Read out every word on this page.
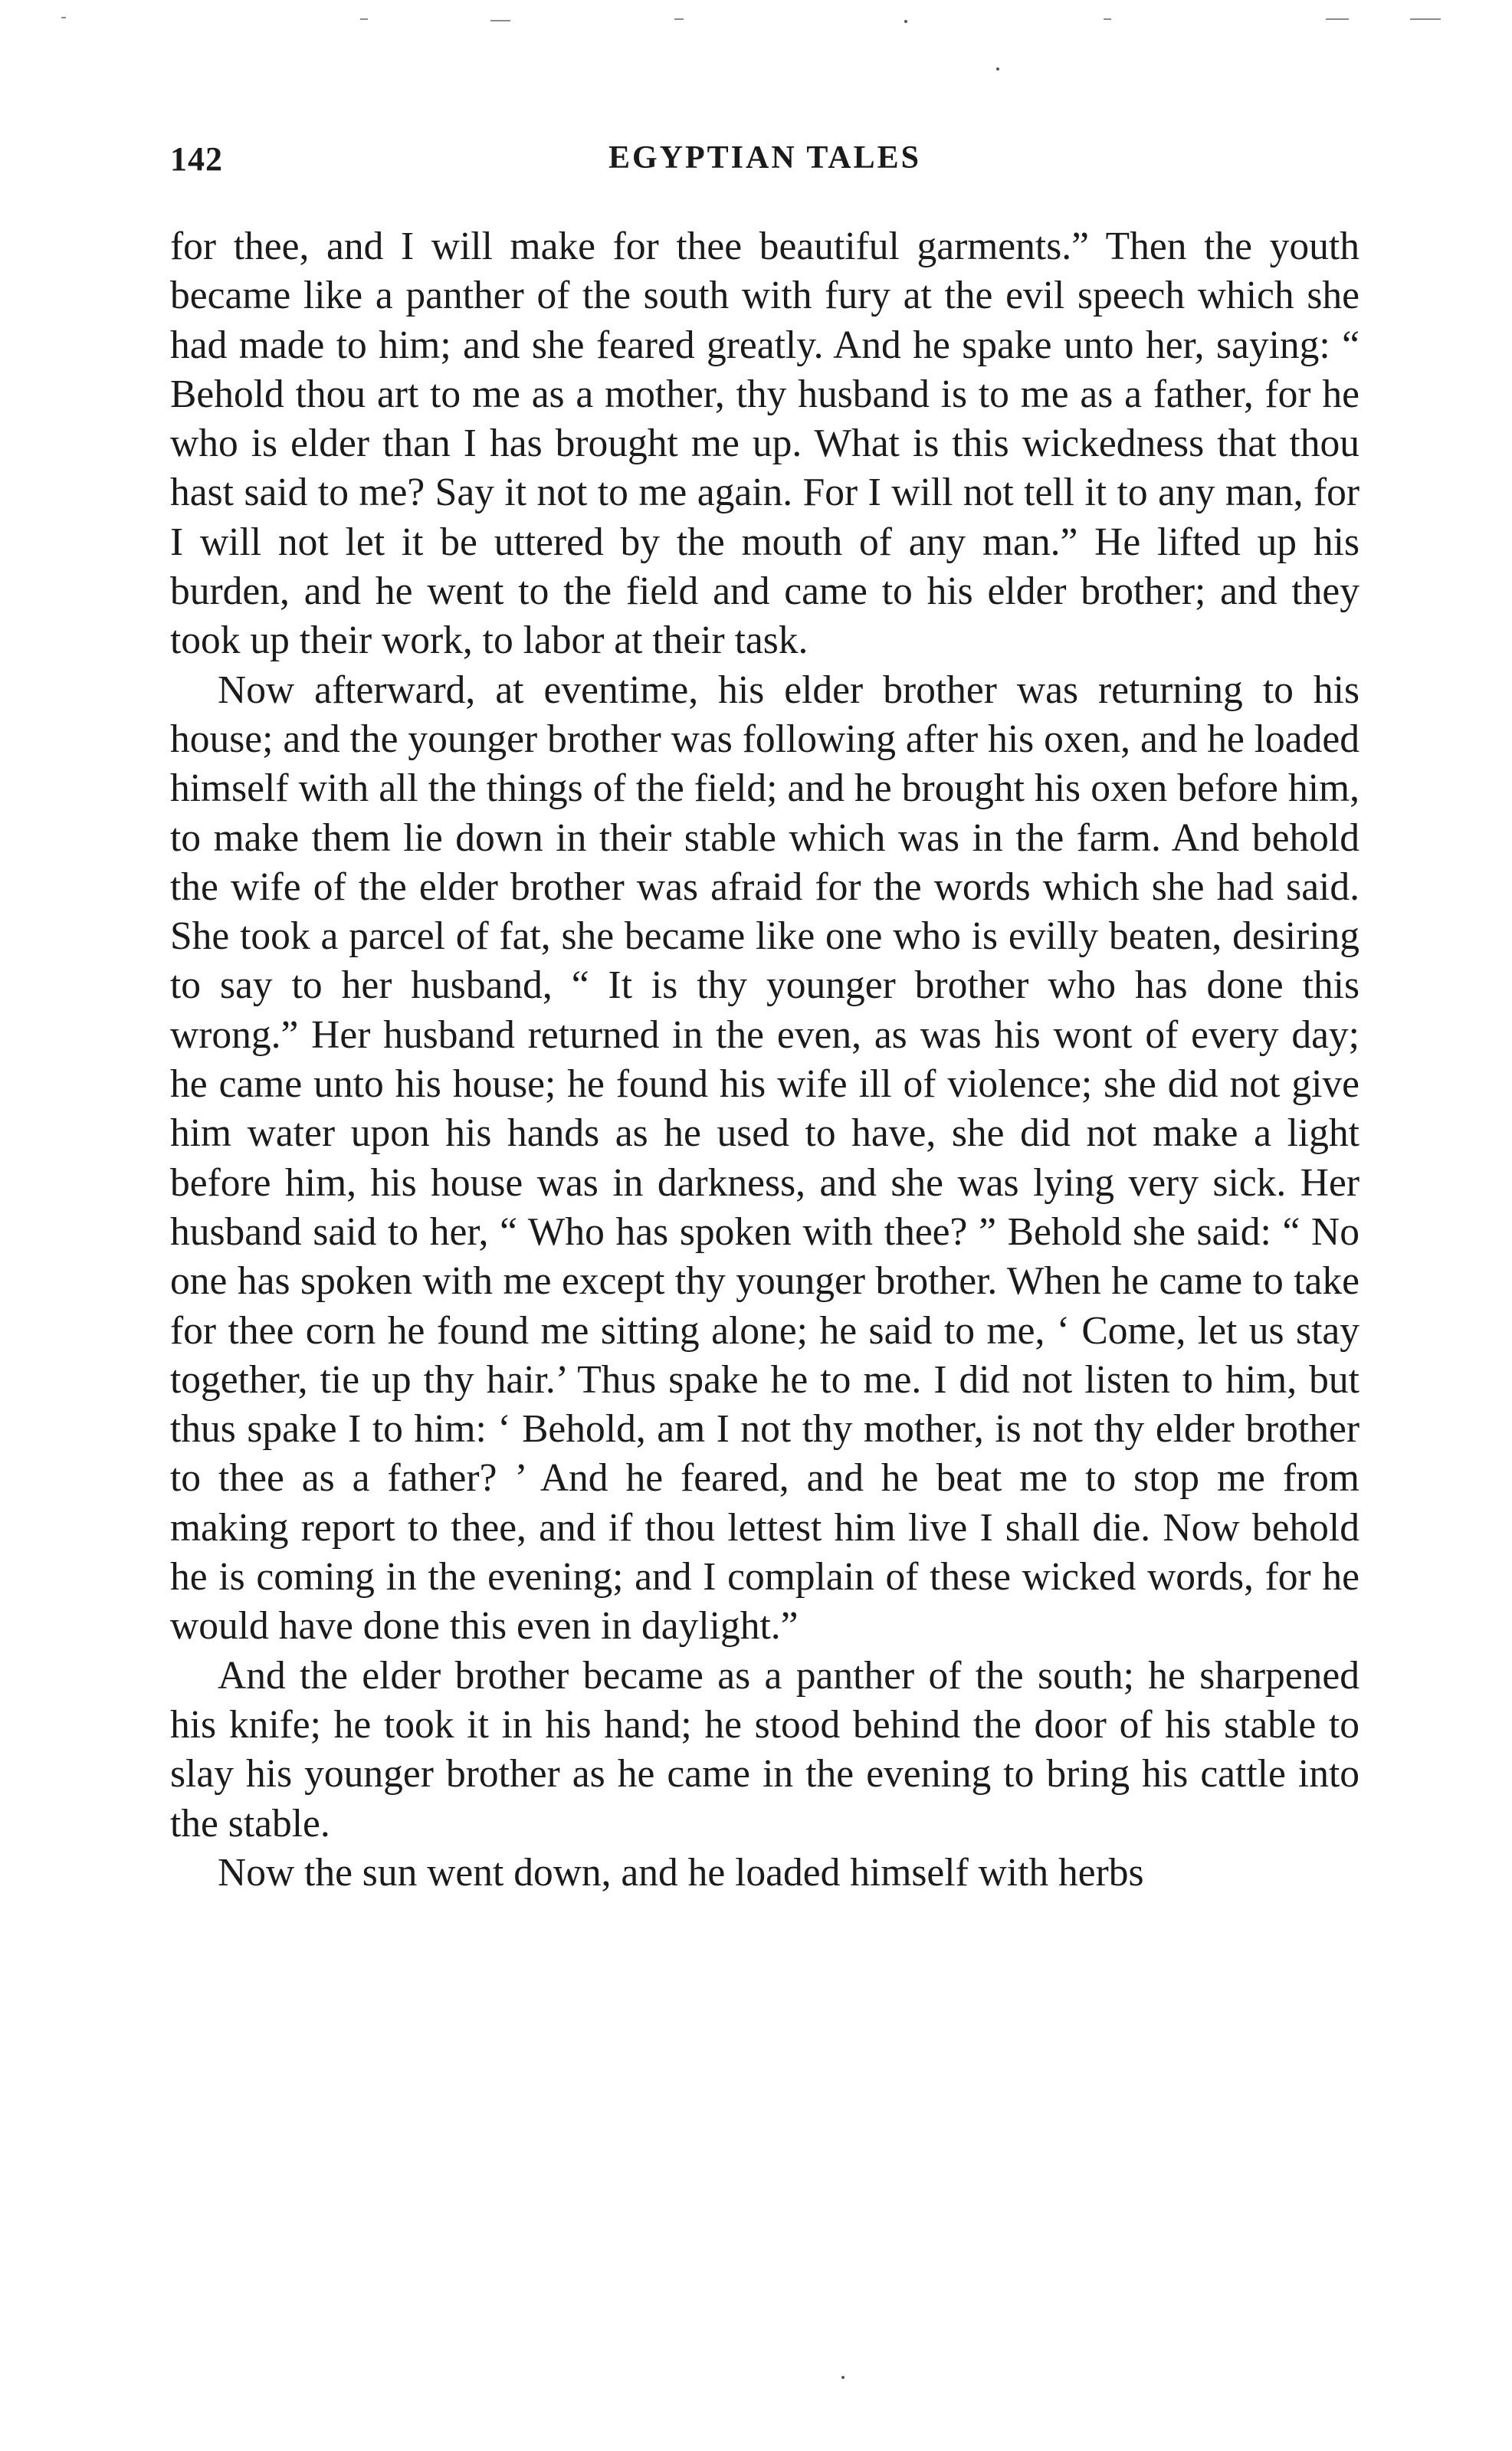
142	EGYPTIAN TALES

for thee, and I will make for thee beautiful garments.” Then the youth became like a panther of the south with fury at the evil speech which she had made to him; and she feared greatly. And he spake unto her, saying: “ Behold thou art to me as a mother, thy husband is to me as a father, for he who is elder than I has brought me up. What is this wickedness that thou hast said to me? Say it not to me again. For I will not tell it to any man, for I will not let it be uttered by the mouth of any man.” He lifted up his burden, and he went to the field and came to his elder brother; and they took up their work, to labor at their task.

Now afterward, at eventime, his elder brother was returning to his house; and the younger brother was following after his oxen, and he loaded himself with all the things of the field; and he brought his oxen before him, to make them lie down in their stable which was in the farm. And behold the wife of the elder brother was afraid for the words which she had said. She took a parcel of fat, she became like one who is evilly beaten, desiring to say to her husband, “ It is thy younger brother who has done this wrong.” Her husband returned in the even, as was his wont of every day; he came unto his house; he found his wife ill of violence; she did not give him water upon his hands as he used to have, she did not make a light before him, his house was in darkness, and she was lying very sick. Her husband said to her, “ Who has spoken with thee? ” Behold she said: “ No one has spoken with me except thy younger brother. When he came to take for thee corn he found me sitting alone; he said to me, ‘ Come, let us stay together, tie up thy hair.’ Thus spake he to me. I did not listen to him, but thus spake I to him: ‘ Behold, am I not thy mother, is not thy elder brother to thee as a father? ’ And he feared, and he beat me to stop me from making report to thee, and if thou lettest him live I shall die. Now behold he is coming in the evening; and I complain of these wicked words, for he would have done this even in daylight.”

And the elder brother became as a panther of the south; he sharpened his knife; he took it in his hand; he stood behind the door of his stable to slay his younger brother as he came in the evening to bring his cattle into the stable.

Now the sun went down, and he loaded himself with herbs
